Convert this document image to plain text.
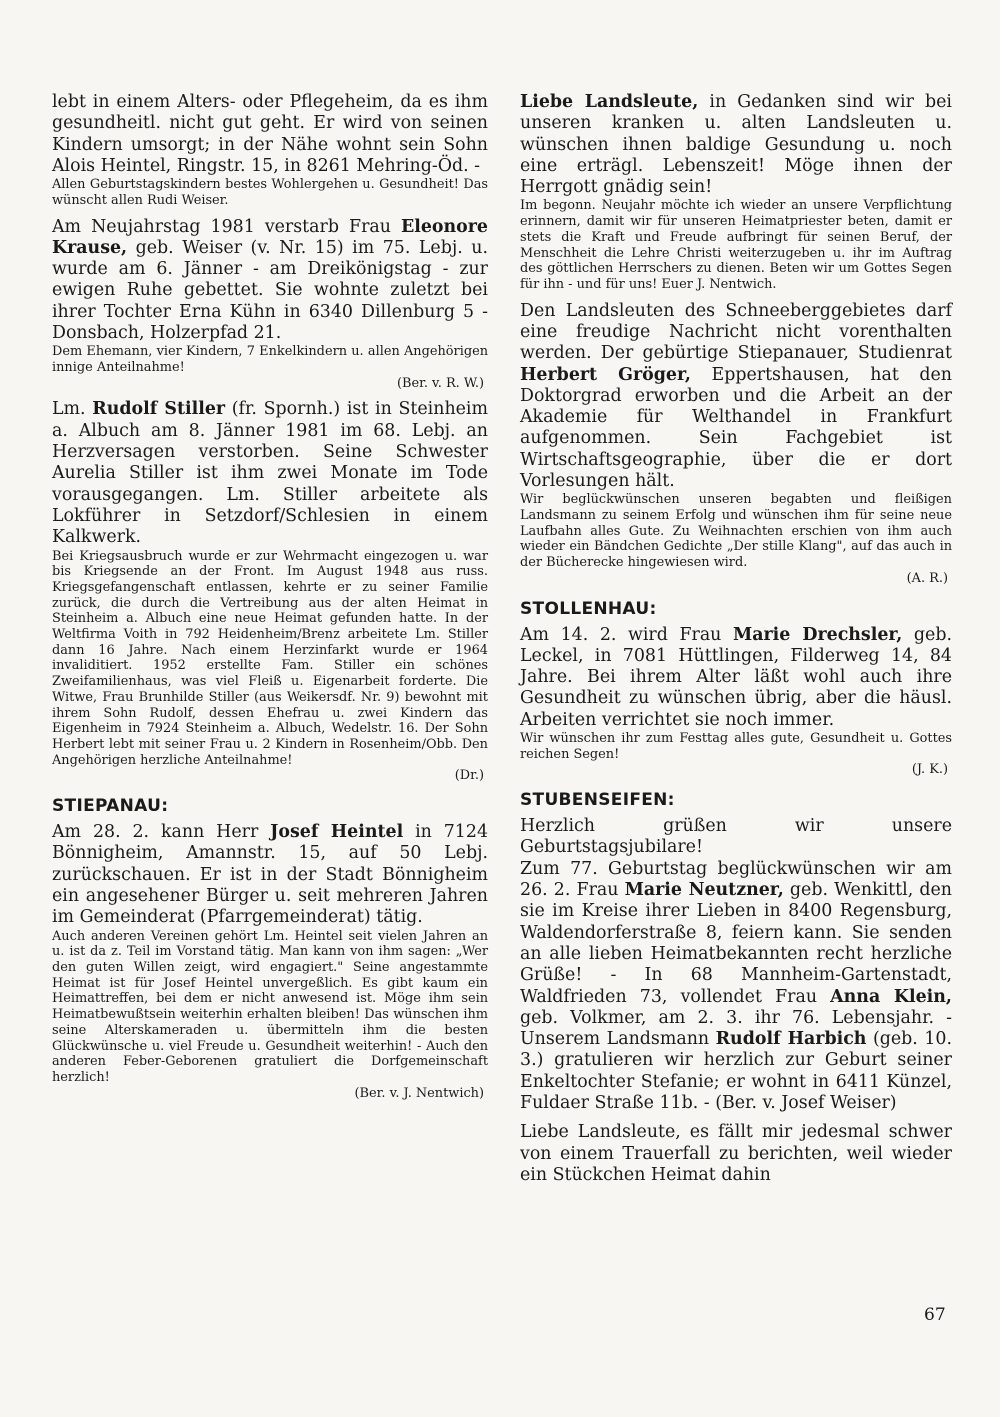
lebt in einem Alters- oder Pflegeheim, da es ihm gesundheitl. nicht gut geht. Er wird von seinen Kindern umsorgt; in der Nähe wohnt sein Sohn Alois Heintel, Ringstr. 15, in 8261 Mehring-Öd. -

Allen Geburtstagskindern bestes Wohlergehen u. Gesundheit! Das wünscht allen Rudi Weiser.

Am Neujahrstag 1981 verstarb Frau Eleonore Krause, geb. Weiser (v. Nr. 15) im 75. Lebj. u. wurde am 6. Jänner - am Dreikönigstag - zur ewigen Ruhe gebettet. Sie wohnte zuletzt bei ihrer Tochter Erna Kühn in 6340 Dillenburg 5 - Donsbach, Holzerpfad 21.

Dem Ehemann, vier Kindern, 7 Enkelkindern u. allen Angehörigen innige Anteilnahme!

(Ber. v. R. W.)

Lm. Rudolf Stiller (fr. Spornh.) ist in Steinheim a. Albuch am 8. Jänner 1981 im 68. Lebj. an Herzversagen verstorben. Seine Schwester Aurelia Stiller ist ihm zwei Monate im Tode vorausgegangen. Lm. Stiller arbeitete als Lokführer in Setzdorf/Schlesien in einem Kalkwerk.

Bei Kriegsausbruch wurde er zur Wehrmacht eingezogen u. war bis Kriegsende an der Front. Im August 1948 aus russ. Kriegsgefangenschaft entlassen, kehrte er zu seiner Familie zurück, die durch die Vertreibung aus der alten Heimat in Steinheim a. Albuch eine neue Heimat gefunden hatte. In der Weltfirma Voith in 792 Heidenheim/Brenz arbeitete Lm. Stiller dann 16 Jahre. Nach einem Herzinfarkt wurde er 1964 invaliditiert. 1952 erstellte Fam. Stiller ein schönes Zweifamilienhaus, was viel Fleiß u. Eigenarbeit forderte. Die Witwe, Frau Brunhilde Stiller (aus Weikersdf. Nr. 9) bewohnt mit ihrem Sohn Rudolf, dessen Ehefrau u. zwei Kindern das Eigenheim in 7924 Steinheim a. Albuch, Wedelstr. 16. Der Sohn Herbert lebt mit seiner Frau u. 2 Kindern in Rosenheim/Obb. Den Angehörigen herzliche Anteilnahme!

(Dr.)

STIEPANAU:

Am 28. 2. kann Herr Josef Heintel in 7124 Bönnigheim, Amannstr. 15, auf 50 Lebj. zurückschauen. Er ist in der Stadt Bönnigheim ein angesehener Bürger u. seit mehreren Jahren im Gemeinderat (Pfarrgemeinderat) tätig.

Auch anderen Vereinen gehört Lm. Heintel seit vielen Jahren an u. ist da z. Teil im Vorstand tätig. Man kann von ihm sagen: „Wer den guten Willen zeigt, wird engagiert." Seine angestammte Heimat ist für Josef Heintel unvergeßlich. Es gibt kaum ein Heimattreffen, bei dem er nicht anwesend ist. Möge ihm sein Heimatbewußtsein weiterhin erhalten bleiben! Das wünschen ihm seine Alterskameraden u. übermitteln ihm die besten Glückwünsche u. viel Freude u. Gesundheit weiterhin! - Auch den anderen Feber-Geborenen gratuliert die Dorfgemeinschaft herzlich!

(Ber. v. J. Nentwich)

Liebe Landsleute, in Gedanken sind wir bei unseren kranken u. alten Landsleuten u. wünschen ihnen baldige Gesundung u. noch eine erträgl. Lebenszeit! Möge ihnen der Herrgott gnädig sein!

Im begonn. Neujahr möchte ich wieder an unsere Verpflichtung erinnern, damit wir für unseren Heimatpriester beten, damit er stets die Kraft und Freude aufbringt für seinen Beruf, der Menschheit die Lehre Christi weiterzugeben u. ihr im Auftrag des göttlichen Herrschers zu dienen. Beten wir um Gottes Segen für ihn - und für uns! Euer J. Nentwich.

Den Landsleuten des Schneeberggebietes darf eine freudige Nachricht nicht vorenthalten werden. Der gebürtige Stiepanauer, Studienrat Herbert Gröger, Eppertshausen, hat den Doktorgrad erworben und die Arbeit an der Akademie für Welthandel in Frankfurt aufgenommen. Sein Fachgebiet ist Wirtschaftsgeographie, über die er dort Vorlesungen hält.

Wir beglückwünschen unseren begabten und fleißigen Landsmann zu seinem Erfolg und wünschen ihm für seine neue Laufbahn alles Gute. Zu Weihnachten erschien von ihm auch wieder ein Bändchen Gedichte „Der stille Klang", auf das auch in der Büchereckе hingewiesen wird.

(A. R.)

STOLLENHAU:

Am 14. 2. wird Frau Marie Drechsler, geb. Leckel, in 7081 Hüttlingen, Filderweg 14, 84 Jahre. Bei ihrem Alter läßt wohl auch ihre Gesundheit zu wünschen übrig, aber die häusl. Arbeiten verrichtet sie noch immer.

Wir wünschen ihr zum Festtag alles gute, Gesundheit u. Gottes reichen Segen!

(J. K.)

STUBENSEIFEN:

Herzlich grüßen wir unsere Geburtstagsjubilare!

Zum 77. Geburtstag beglückwünschen wir am 26. 2. Frau Marie Neutzner, geb. Wenkittl, den sie im Kreise ihrer Lieben in 8400 Regensburg, Waldendorferstraße 8, feiern kann. Sie senden an alle lieben Heimatbekannten recht herzliche Grüße! - In 68 Mannheim-Gartenstadt, Waldfrieden 73, vollendet Frau Anna Klein, geb. Volkmer, am 2. 3. ihr 76. Lebensjahr. - Unserem Landsmann Rudolf Harbich (geb. 10. 3.) gratulieren wir herzlich zur Geburt seiner Enkeltochter Stefanie; er wohnt in 6411 Künzel, Fuldaer Straße 11b. - (Ber. v. Josef Weiser)

Liebe Landsleute, es fällt mir jedesmal schwer von einem Trauerfall zu berichten, weil wieder ein Stückchen Heimat dahin

67
